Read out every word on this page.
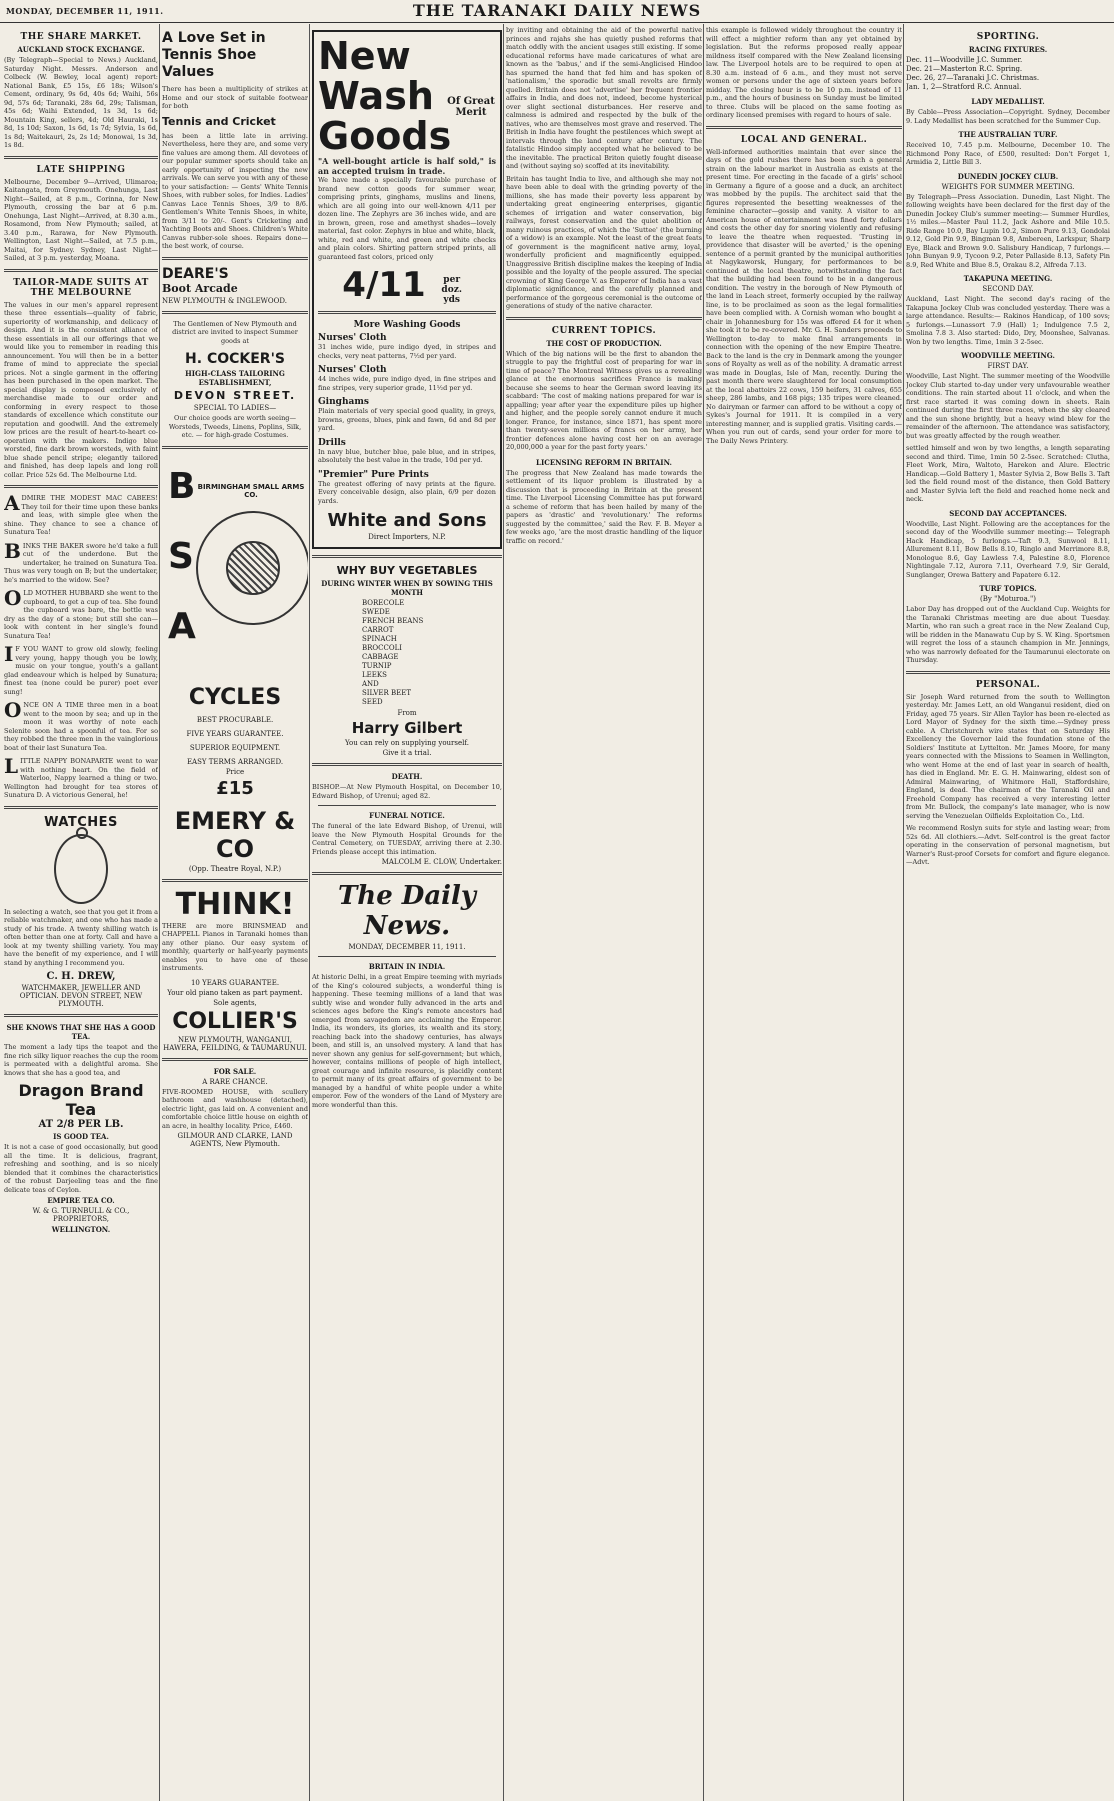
MONDAY, DECEMBER 11, 1911.	THE TARANAKI DAILY NEWS
THE SHARE MARKET.
AUCKLAND STOCK EXCHANGE.

(By Telegraph—Special to News.) Auckland, Saturday Night. Messrs. Anderson and Colbeck (W. Bewley, local agent) report: National Bank, £5 15s, £6 18s; Wilson's Cement, ordinary, 9s 6d, 40s 6d; Waihi, 56s 9d, 57s 6d; Taranaki, 28s 6d, 29s; Talisman, 45s 6d; Waihi Extended, 1s 3d, 1s 6d; Mountain King, sellers, 4d; Old Hauraki, 1s 8d, 1s 10d; Saxon, 1s 6d, 1s 7d; Sylvia, 1s 6d, 1s 8d; Waitekauri, 2s, 2s 1d; Monowai, 1s 3d, 1s 8d.

LATE SHIPPING

Melbourne, December 9—Arrived, Ulimaroa; Kaitangata, from Greymouth. Onehunga, Last Night—Sailed, at 8 p.m., Corinna, for New Plymouth, crossing the bar at 6 p.m. Onehunga, Last Night—Arrived, at 8.30 a.m., Rosamond, from New Plymouth; sailed, at 3.40 p.m., Rarawa, for New Plymouth. Wellington, Last Night—Sailed, at 7.5 p.m., Maitai, for Sydney. Sydney, Last Night—Sailed, at 3 p.m. yesterday, Moana.

TAILOR-MADE SUITS AT THE MELBOURNE

The values in our men's apparel represent these three essentials—quality of fabric, superiority of workmanship, and delicacy of design. And it is the consistent alliance of these essentials in all our offerings that we would like you to remember in reading this announcement. You will then be in a better frame of mind to appreciate the special prices. Not a single garment in the offering has been purchased in the open market. The special display is composed exclusively of merchandise made to our order and conforming in every respect to those standards of excellence which constitute our reputation and goodwill. And the extremely low prices are the result of heart-to-heart co-operation with the makers. Indigo blue worsted, fine dark brown worsteds, with faint blue shade pencil stripe; elegantly tailored and finished, has deep lapels and long roll collar. Price 52s 6d. The Melbourne Ltd.

A DMIRE THE MODEST MAC CABEES! They toil for their time upon these banks and leas, with simple glee when the shine. They chance to see a chance of Sunatura Tea!

B INKS THE BAKER swore he'd take a full cut of the underdone. But the undertaker, he trained on Sunatura Tea. Thus was very tough on B; but the undertaker, he's married to the widow. See?

O LD MOTHER HUBBARD she went to the cupboard, to get a cup of tea. She found the cupboard was bare, the bottle was dry as the day of a stone; but still she can—look with content in her single's found Sunatura Tea!

I F YOU WANT to grow old slowly, feeling very young, happy though you be lowly, music on your tongue, youth's a gallant glad endeavour which is helped by Sunatura; finest tea (none could be purer) poet ever sung!

O NCE ON A TIME three men in a boat went to the moon by sea; and up in the moon it was worthy of note each Selenite soon had a spoonful of tea. For so they robbed the three men in the vainglorious boat of their last Sunatura Tea.

L ITTLE NAPPY BONAPARTE went to war with nothing heart. On the field of Waterloo, Nappy learned a thing or two. Wellington had brought for tea stores of Sunatura D. A victorious General, he!

WATCHES

In selecting a watch, see that you get it from a reliable watchmaker, and one who has made a study of his trade. A twenty shilling watch is often better than one at forty. Call and have a look at my twenty shilling variety. You may have the benefit of my experience, and I will stand by anything I recommend you.

C. H. DREW,
WATCHMAKER, JEWELLER AND OPTICIAN. DEVON STREET, NEW PLYMOUTH.
SHE KNOWS THAT SHE HAS A GOOD TEA.

The moment a lady tips the teapot and the fine rich silky liquor reaches the cup the room is permeated with a delightful aroma. She knows that she has a good tea, and

Dragon Brand Tea
AT 2/8 PER LB.
IS GOOD TEA.

It is not a case of good occasionally, but good all the time. It is delicious, fragrant, refreshing and soothing, and is so nicely blended that it combines the characteristics of the robust Darjeeling teas and the fine delicate teas of Ceylon.

EMPIRE TEA CO.
W. & G. TURNBULL & CO., PROPRIETORS,
WELLINGTON.
A Love Set in Tennis Shoe Values

There has been a multiplicity of strikes at Home and our stock of suitable footwear for both

Tennis and Cricket

has been a little late in arriving. Nevertheless, here they are, and some very fine values are among them. All devotees of our popular summer sports should take an early opportunity of inspecting the new arrivals. We can serve you with any of these to your satisfaction: — Gents' White Tennis Shoes, with rubber soles, for Indies. Ladies' Canvas Lace Tennis Shoes, 3/9 to 8/6. Gentlemen's White Tennis Shoes, in white, from 3/11 to 20/-. Gent's Cricketing and Yachting Boots and Shoes. Children's White Canvas rubber-sole shoes. Repairs done—the best work, of course.

DEARE'S
Boot Arcade
NEW PLYMOUTH & INGLEWOOD.

The Gentlemen of New Plymouth and district are invited to inspect Summer goods at

H. COCKER'S
HIGH-CLASS TAILORING ESTABLISHMENT,
DEVON STREET.
SPECIAL TO LADIES—

Our choice goods are worth seeing—Worsteds, Tweeds, Linens, Poplins, Silk, etc. — for high-grade Costumes.

B
S
A
BIRMINGHAM SMALL ARMS CO.
CYCLES
BEST PROCURABLE.
FIVE YEARS GUARANTEE.
SUPERIOR EQUIPMENT.
EASY TERMS ARRANGED.
Price
£15
EMERY & CO
(Opp. Theatre Royal, N.P.)
THINK!

THERE are more BRINSMEAD and CHAPPELL Pianos in Taranaki homes than any other piano. Our easy system of monthly, quarterly or half-yearly payments enables you to have one of these instruments.

10 YEARS GUARANTEE.
Your old piano taken as part payment.
Sole agents,
COLLIER'S
NEW PLYMOUTH, WANGANUI, HAWERA, FEILDING, & TAUMARUNUI.
FOR SALE.
A RARE CHANCE.

FIVE-ROOMED HOUSE, with scullery bathroom and washhouse (detached), electric light, gas laid on. A convenient and comfortable choice little house on eighth of an acre, in healthy locality. Price, £460.

GILMOUR AND CLARKE, LAND AGENTS, New Plymouth.
New Wash Goods
Of Great Merit

"A well-bought article is half sold," is an accepted truism in trade.

We have made a specially favourable purchase of brand new cotton goods for summer wear, comprising prints, ginghams, muslins and linens, which are all going into our well-known 4/11 per dozen line. The Zephyrs are 36 inches wide, and are in brown, green, rose and amethyst shades—lovely material, fast color. Zephyrs in blue and white, black, white, red and white, and green and white checks and plain colors. Shirting pattern striped prints, all guaranteed fast colors, priced only

4/11	per doz. yds
More Washing Goods
Nurses' Cloth

31 inches wide, pure indigo dyed, in stripes and checks, very neat patterns, 7½d per yard.

Nurses' Cloth

44 inches wide, pure indigo dyed, in fine stripes and fine stripes, very superior grade, 11½d per yd.

Ginghams

Plain materials of very special good quality, in greys, browns, greens, blues, pink and fawn, 6d and 8d per yard.

Drills

In navy blue, butcher blue, pale blue, and in stripes, absolutely the best value in the trade, 10d per yd.

"Premier" Pure Prints

The greatest offering of navy prints at the figure. Every conceivable design, also plain, 6/9 per dozen yards.

White and Sons
Direct Importers, N.P.
WHY BUY VEGETABLES
DURING WINTER WHEN BY SOWING THIS MONTH
BORECOLE
SWEDE
FRENCH BEANS
CARROT
SPINACH
BROCCOLI
CABBAGE
TURNIP
LEEKS
AND
SILVER BEET
SEED
From
Harry Gilbert
You can rely on supplying yourself.
Give it a trial.
DEATH.

BISHOP.—At New Plymouth Hospital, on December 10, Edward Bishop, of Urenui; aged 82.

FUNERAL NOTICE.

The funeral of the late Edward Bishop, of Urenui, will leave the New Plymouth Hospital Grounds for the Central Cemetery, on TUESDAY, arriving there at 2.30. Friends please accept this intimation.

MALCOLM E. CLOW, Undertaker.
The Daily News.
MONDAY, DECEMBER 11, 1911.
BRITAIN IN INDIA.

At historic Delhi, in a great Empire teeming with myriads of the King's coloured subjects, a wonderful thing is happening. These teeming millions of a land that was subtly wise and wonder fully advanced in the arts and sciences ages before the King's remote ancestors had emerged from savagedom are acclaiming the Emperor. India, its wonders, its glories, its wealth and its story, reaching back into the shadowy centuries, has always been, and still is, an unsolved mystery. A land that has never shown any genius for self-government; but which, however, contains millions of people of high intellect, great courage and infinite resource, is placidly content to permit many of its great affairs of government to be managed by a handful of white people under a white emperor. Few of the wonders of the Land of Mystery are more wonderful than this.

by inviting and obtaining the aid of the powerful native princes and rajahs she has quietly pushed reforms that match oddly with the ancient usages still existing. If some educational reforms have made caricatures of what are known as the 'babus,' and if the semi-Anglicised Hindoo has spurned the hand that fed him and has spoken of 'nationalism,' the sporadic but small revolts are firmly quelled. Britain does not 'advertise' her frequent frontier affairs in India, and does not, indeed, become hysterical over slight sectional disturbances. Her reserve and calmness is admired and respected by the bulk of the natives, who are themselves most grave and reserved. The British in India have fought the pestilences which swept at intervals through the land century after century. The fatalistic Hindoo simply accepted what he believed to be the inevitable. The practical Briton quietly fought disease and (without saying so) scoffed at its inevitability.

Britain has taught India to live, and although she may not have been able to deal with the grinding poverty of the millions, she has made their poverty less apparent by undertaking great engineering enterprises, gigantic schemes of irrigation and water conservation, big railways, forest conservation and the quiet abolition of many ruinous practices, of which the 'Suttee' (the burning of a widow) is an example. Not the least of the great feats of government is the magnificent native army, loyal, wonderfully proficient and magnificently equipped. Unaggressive British discipline makes the keeping of India possible and the loyalty of the people assured. The special crowning of King George V. as Emperor of India has a vast diplomatic significance, and the carefully planned and performance of the gorgeous ceremonial is the outcome of generations of study of the native character.

CURRENT TOPICS.
THE COST OF PRODUCTION.

Which of the big nations will be the first to abandon the struggle to pay the frightful cost of preparing for war in time of peace? The Montreal Witness gives us a revealing glance at the enormous sacrifices France is making because she seems to hear the German sword leaving its scabbard: 'The cost of making nations prepared for war is appalling; year after year the expenditure piles up higher and higher, and the people sorely cannot endure it much longer. France, for instance, since 1871, has spent more than twenty-seven millions of francs on her army, her frontier defences alone having cost her on an average 20,000,000 a year for the past forty years.'

LICENSING REFORM IN BRITAIN.

The progress that New Zealand has made towards the settlement of its liquor problem is illustrated by a discussion that is proceeding in Britain at the present time. The Liverpool Licensing Committee has put forward a scheme of reform that has been hailed by many of the papers as 'drastic' and 'revolutionary.' The reforms suggested by the committee,' said the Rev. F. B. Meyer a few weeks ago, 'are the most drastic handling of the liquor traffic on record.'

this example is followed widely throughout the country it will effect a mightier reform than any yet obtained by legislation. But the reforms proposed really appear mildness itself compared with the New Zealand licensing law. The Liverpool hotels are to be required to open at 8.30 a.m. instead of 6 a.m., and they must not serve women or persons under the age of sixteen years before midday. The closing hour is to be 10 p.m. instead of 11 p.m., and the hours of business on Sunday must be limited to three. Clubs will be placed on the same footing as ordinary licensed premises with regard to hours of sale.

LOCAL AND GENERAL.

Well-informed authorities maintain that ever since the days of the gold rushes there has been such a general strain on the labour market in Australia as exists at the present time. For erecting in the facade of a girls' school in Germany a figure of a goose and a duck, an architect was mobbed by the pupils. The architect said that the figures represented the besetting weaknesses of the feminine character—gossip and vanity. A visitor to an American house of entertainment was fined forty dollars and costs the other day for snoring violently and refusing to leave the theatre when requested. 'Trusting in providence that disaster will be averted,' is the opening sentence of a permit granted by the municipal authorities at Nagykaworsk, Hungary, for performances to be continued at the local theatre, notwithstanding the fact that the building had been found to be in a dangerous condition. The vestry in the borough of New Plymouth of the land in Leach street, formerly occupied by the railway line, is to be proclaimed as soon as the legal formalities have been complied with. A Cornish woman who bought a chair in Johannesburg for 15s was offered £4 for it when she took it to be re-covered. Mr. G. H. Sanders proceeds to Wellington to-day to make final arrangements in connection with the opening of the new Empire Theatre. Back to the land is the cry in Denmark among the younger sons of Royalty as well as of the nobility. A dramatic arrest was made in Douglas, Isle of Man, recently. During the past month there were slaughtered for local consumption at the local abattoirs 22 cows, 159 heifers, 31 calves, 655 sheep, 286 lambs, and 168 pigs; 135 tripes were cleaned. No dairyman or farmer can afford to be without a copy of Sykes's Journal for 1911. It is compiled in a very interesting manner, and is supplied gratis. Visiting cards.—When you run out of cards, send your order for more to The Daily News Printery.

SPORTING.
RACING FIXTURES.
Dec. 11—Woodville J.C. Summer.
Dec. 21—Masterton R.C. Spring.
Dec. 26, 27—Taranaki J.C. Christmas.
Jan. 1, 2—Stratford R.C. Annual.
LADY MEDALLIST.

By Cable—Press Association—Copyright. Sydney, December 9. Lady Medallist has been scratched for the Summer Cup.

THE AUSTRALIAN TURF.

Received 10, 7.45 p.m. Melbourne, December 10. The Richmond Pony Race, of £500, resulted: Don't Forget 1, Armidia 2, Little Bill 3.

DUNEDIN JOCKEY CLUB.
WEIGHTS FOR SUMMER MEETING.

By Telegraph—Press Association. Dunedin, Last Night. The following weights have been declared for the first day of the Dunedin Jockey Club's summer meeting:— Summer Hurdles, 1½ miles.—Master Paul 11.2, Jack Ashore and Mile 10.5. Ride Range 10.0, Bay Lupin 10.2, Simon Pure 9.13, Gondolai 9.12, Gold Pin 9.9, Bingman 9.8, Ambereen, Larkspur, Sharp Eye, Black and Brown 9.0. Salisbury Handicap, 7 furlongs.—John Bunyan 9.9, Tycoon 9.2, Peter Pallaside 8.13, Safety Pin 8.9, Red White and Blue 8.5, Orakau 8.2, Alfreda 7.13.

TAKAPUNA MEETING.
SECOND DAY.

Auckland, Last Night. The second day's racing of the Takapuna Jockey Club was concluded yesterday. There was a large attendance. Results:— Rakinos Handicap, of 100 sovs; 5 furlongs.—Lunassort 7.9 (Hall) 1; Indulgence 7.5 2, Smolina 7.8 3. Also started: Dido, Dry, Moonshee, Salvanas. Won by two lengths. Time, 1min 3 2-5sec.

WOODVILLE MEETING.
FIRST DAY.

Woodville, Last Night. The summer meeting of the Woodville Jockey Club started to-day under very unfavourable weather conditions. The rain started about 11 o'clock, and when the first race started it was coming down in sheets. Rain continued during the first three races, when the sky cleared and the sun shone brightly, but a heavy wind blew for the remainder of the afternoon. The attendance was satisfactory, but was greatly affected by the rough weather.

settled himself and won by two lengths, a length separating second and third. Time, 1min 50 2-5sec. Scratched: Clutha, Fleet Work, Mira, Waltoto, Harekon and Alure. Electric Handicap.—Gold Battery 1, Master Sylvia 2, Bow Bells 3. Taft led the field round most of the distance, then Gold Battery and Master Sylvia left the field and reached home neck and neck.

SECOND DAY ACCEPTANCES.

Woodville, Last Night. Following are the acceptances for the second day of the Woodville summer meeting:— Telegraph Hack Handicap, 5 furlongs.—Taft 9.3, Sunwool 8.11, Allurement 8.11, Bow Bells 8.10, Ringlo and Merrimore 8.8, Monologue 8.6, Gay Lawless 7.4, Palestine 8.0, Florence Nightingale 7.12, Aurora 7.11, Overheard 7.9, Sir Gerald, Sunglanger, Orewa Battery and Papatere 6.12.

TURF TOPICS.
(By "Moturoa.")

Labor Day has dropped out of the Auckland Cup. Weights for the Taranaki Christmas meeting are due about Tuesday. Martin, who ran such a great race in the New Zealand Cup, will be ridden in the Manawatu Cup by S. W. King. Sportsmen will regret the loss of a staunch champion in Mr. Jennings, who was narrowly defeated for the Taumarunui electorate on Thursday.

PERSONAL.

Sir Joseph Ward returned from the south to Wellington yesterday. Mr. James Lett, an old Wanganui resident, died on Friday, aged 75 years. Sir Allen Taylor has been re-elected as Lord Mayor of Sydney for the sixth time.—Sydney press cable. A Christchurch wire states that on Saturday His Excellency the Governor laid the foundation stone of the Soldiers' Institute at Lyttelton. Mr. James Moore, for many years connected with the Missions to Seamen in Wellington, who went Home at the end of last year in search of health, has died in England. Mr. E. G. H. Mainwaring, eldest son of Admiral Mainwaring, of Whitmore Hall, Staffordshire, England, is dead. The chairman of the Taranaki Oil and Freehold Company has received a very interesting letter from Mr. Bullock, the company's late manager, who is now serving the Venezuelan Oilfields Exploitation Co., Ltd.

We recommend Roslyn suits for style and lasting wear; from 52s 6d. All clothiers.—Advt. Self-control is the great factor operating in the conservation of personal magnetism, but Warner's Rust-proof Corsets for comfort and figure elegance.—Advt.
